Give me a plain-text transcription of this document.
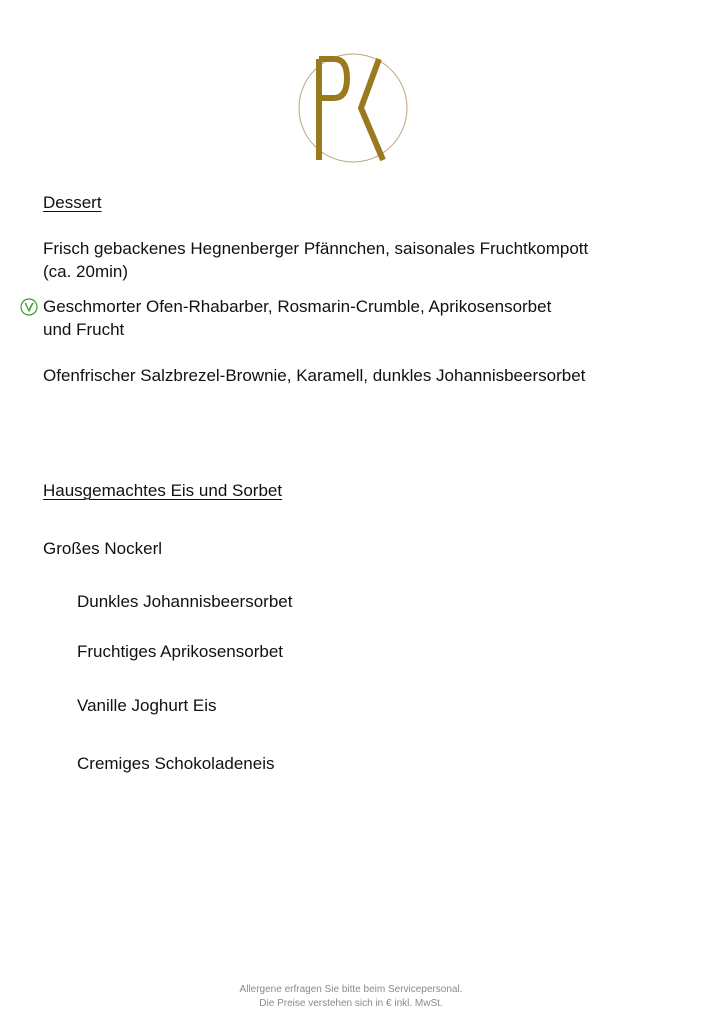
Dessert
Frisch gebackenes Hegnenberger Pfännchen, saisonales Fruchtkompott
(ca. 20min)
Geschmorter Ofen-Rhabarber, Rosmarin-Crumble, Aprikosensorbet
und Frucht
Ofenfrischer Salzbrezel-Brownie, Karamell, dunkles Johannisbeersorbet
Hausgemachtes Eis und Sorbet

Großes Nockerl

Dunkles Johannisbeersorbet

Fruchtiges Aprikosensorbet

Vanille Joghurt Eis

Cremiges Schokoladeneis

Allergene erfragen Sie bitte beim Servicepersonal.
Die Preise verstehen sich in € inkl. MwSt.
